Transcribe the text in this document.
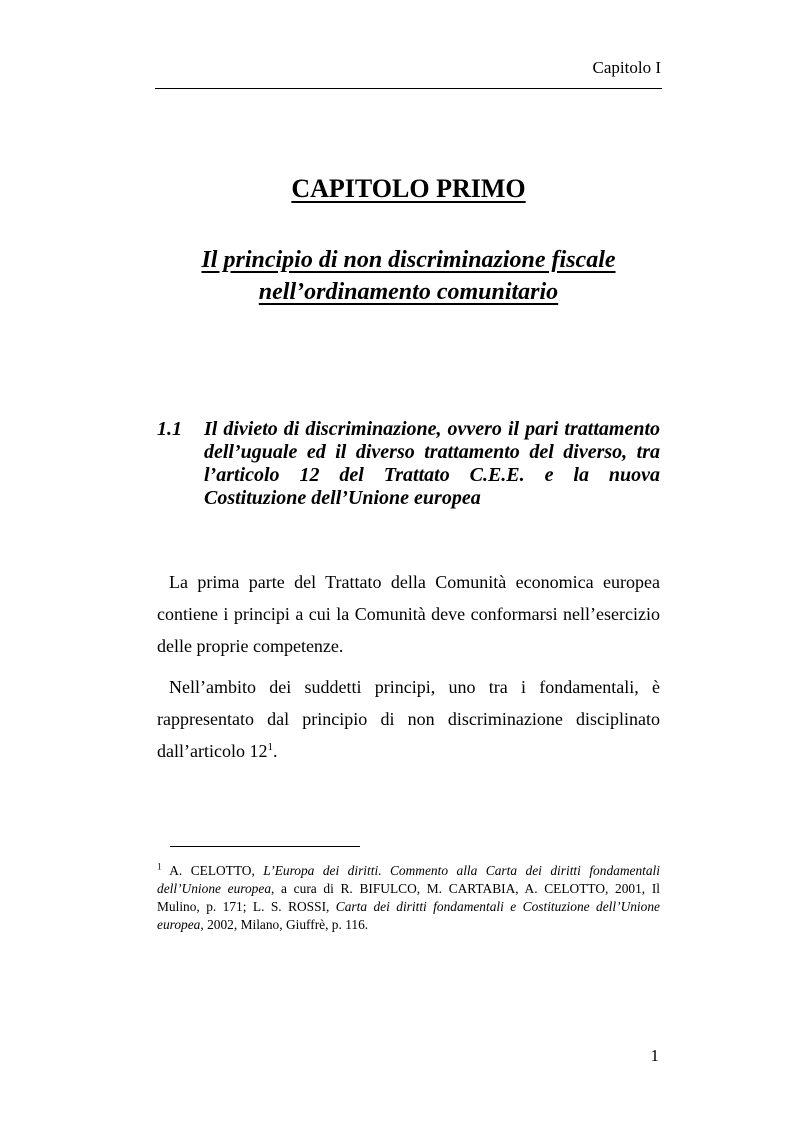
Capitolo I
CAPITOLO PRIMO
Il principio di non discriminazione fiscale
nell’ordinamento comunitario
1.1 Il divieto di discriminazione, ovvero il pari trattamento dell’uguale ed il diverso trattamento del diverso, tra l’articolo 12 del Trattato C.E.E. e la nuova Costituzione dell’Unione europea

La prima parte del Trattato della Comunità economica europea contiene i principi a cui la Comunità deve conformarsi nell’esercizio delle proprie competenze.

Nell’ambito dei suddetti principi, uno tra i fondamentali, è rappresentato dal principio di non discriminazione disciplinato dall’articolo 12$^1$.

$^1$ A. CELOTTO, L’Europa dei diritti. Commento alla Carta dei diritti fondamentali dell’Unione europea, a cura di R. BIFULCO, M. CARTABIA, A. CELOTTO, 2001, Il Mulino, p. 171; L. S. ROSSI, Carta dei diritti fondamentali e Costituzione dell’Unione europea, 2002, Milano, Giuffrè, p. 116.

1
